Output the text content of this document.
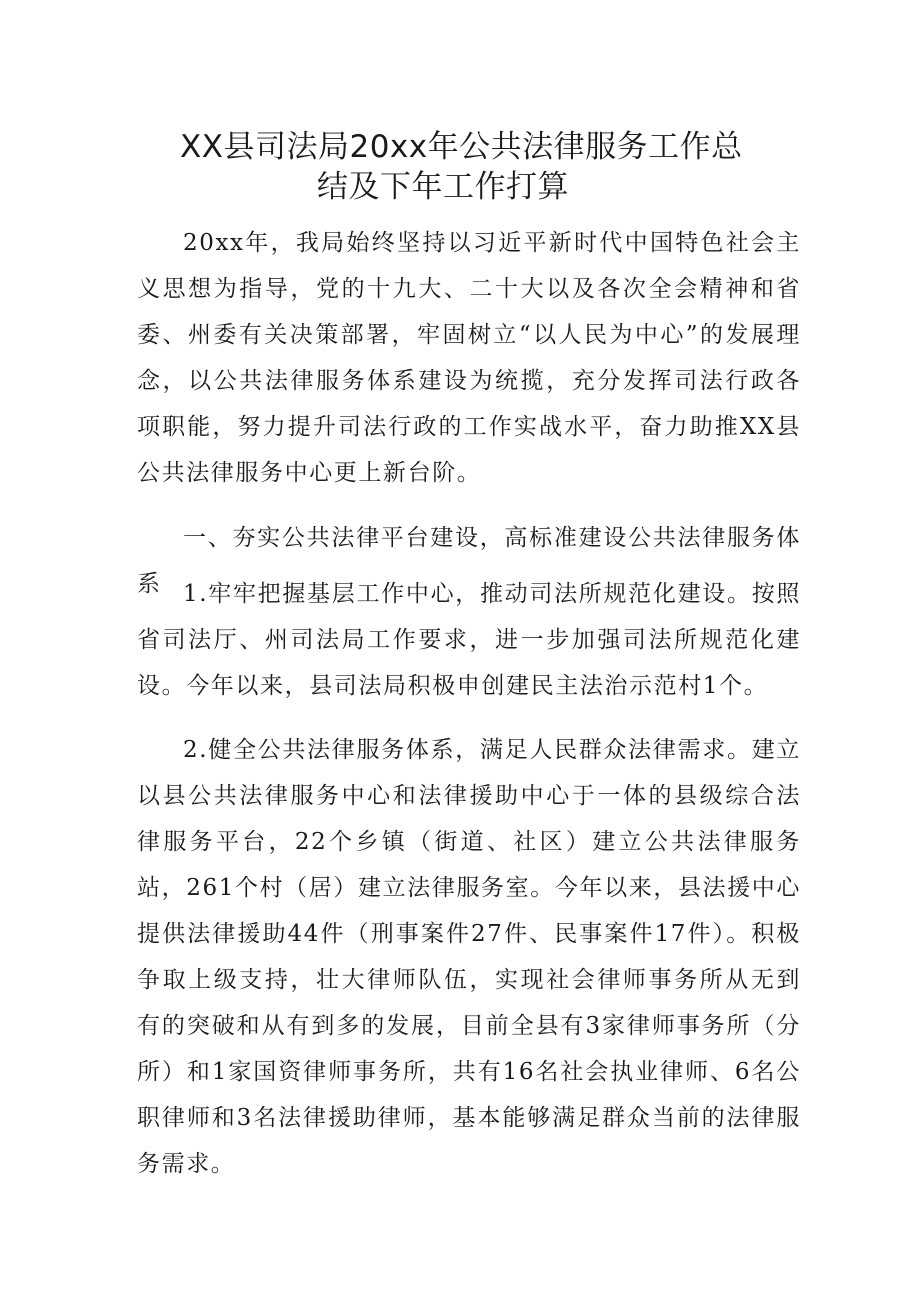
XX县司法局20xx年公共法律服务工作总
结及下年工作打算

20xx年，我局始终坚持以习近平新时代中国特色社会主义思想为指导，党的十九大、二十大以及各次全会精神和省委、州委有关决策部署，牢固树立“以人民为中心”的发展理念，以公共法律服务体系建设为统揽，充分发挥司法行政各项职能，努力提升司法行政的工作实战水平，奋力助推XX县公共法律服务中心更上新台阶。

一、夯实公共法律平台建设，高标准建设公共法律服务体系 1.牢牢把握基层工作中心，推动司法所规范化建设。按照省司法厅、州司法局工作要求，进一步加强司法所规范化建设。今年以来，县司法局积极申创建民主法治示范村1个。

2.健全公共法律服务体系，满足人民群众法律需求。建立以县公共法律服务中心和法律援助中心于一体的县级综合法律服务平台，22个乡镇（街道、社区）建立公共法律服务站，261个村（居）建立法律服务室。今年以来，县法援中心提供法律援助44件（刑事案件27件、民事案件17件）。积极争取上级支持，壮大律师队伍，实现社会律师事务所从无到有的突破和从有到多的发展，目前全县有3家律师事务所（分所）和1家国资律师事务所，共有16名社会执业律师、6名公职律师和3名法律援助律师，基本能够满足群众当前的法律服务需求。
